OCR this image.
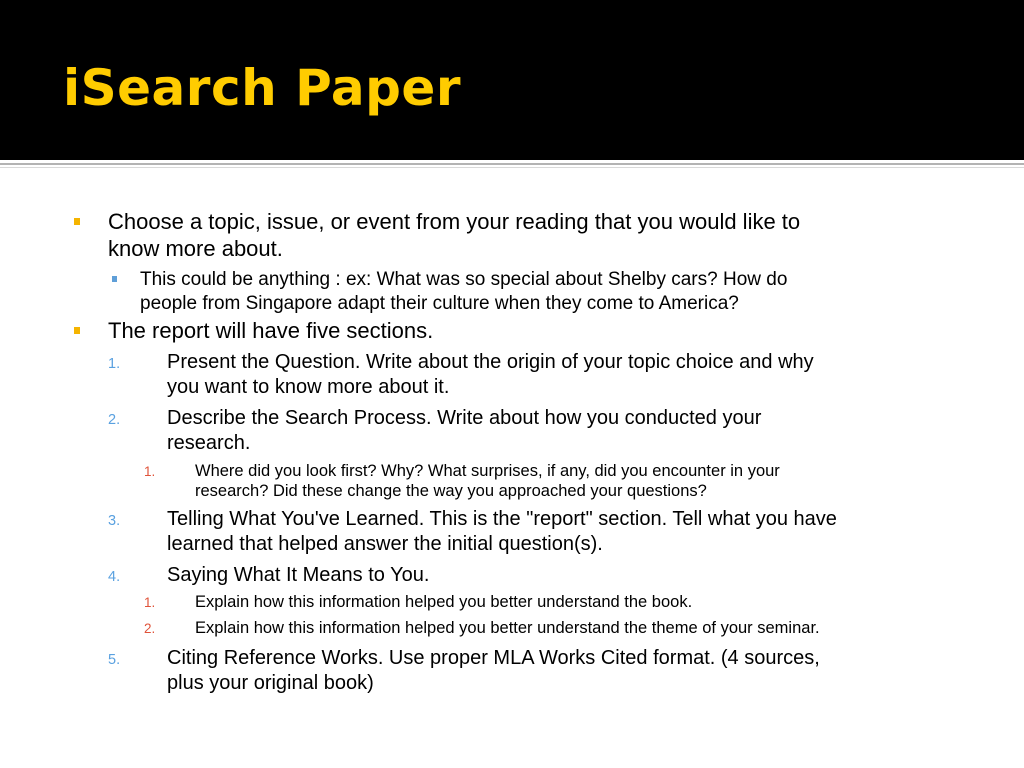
iSearch Paper
Choose a topic, issue, or event from your reading that you would like to
know more about.
This could be anything : ex: What was so special about Shelby cars? How do
people from Singapore adapt their culture when they come to America?
The report will have five sections.
1. Present the Question. Write about the origin of your topic choice and why
you want to know more about it.
2. Describe the Search Process. Write about how you conducted your
research.
1. Where did you look first? Why? What surprises, if any, did you encounter in your
research? Did these change the way you approached your questions?
3. Telling What You've Learned. This is the "report" section. Tell what you have
learned that helped answer the initial question(s).
4. Saying What It Means to You.
1. Explain how this information helped you better understand the book.
2. Explain how this information helped you better understand the theme of your seminar.
5. Citing Reference Works. Use proper MLA Works Cited format. (4 sources,
plus your original book)
